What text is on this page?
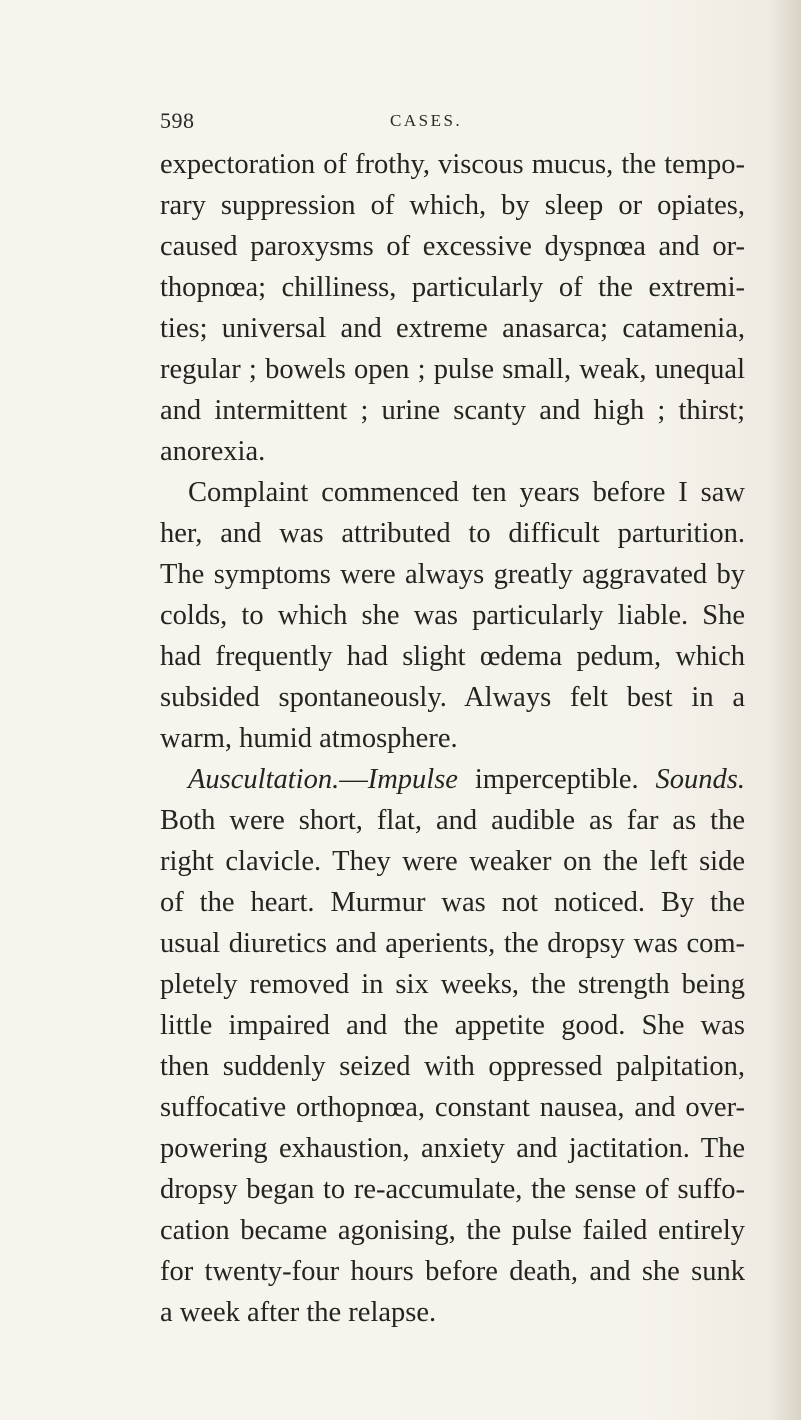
598	CASES.
expectoration of frothy, viscous mucus, the tempo-
rary suppression of which, by sleep or opiates,
caused paroxysms of excessive dyspnœa and or-
thopnœa; chilliness, particularly of the extremi-
ties; universal and extreme anasarca; catamenia,
regular ; bowels open ; pulse small, weak, unequal
and intermittent ; urine scanty and high ; thirst;
anorexia.
Complaint commenced ten years before I saw
her, and was attributed to difficult parturition.
The symptoms were always greatly aggravated by
colds, to which she was particularly liable. She
had frequently had slight œdema pedum, which
subsided spontaneously. Always felt best in a
warm, humid atmosphere.
Auscultation.—Impulse imperceptible. Sounds.
Both were short, flat, and audible as far as the
right clavicle. They were weaker on the left side
of the heart. Murmur was not noticed. By the
usual diuretics and aperients, the dropsy was com-
pletely removed in six weeks, the strength being
little impaired and the appetite good. She was
then suddenly seized with oppressed palpitation,
suffocative orthopnœa, constant nausea, and over-
powering exhaustion, anxiety and jactitation. The
dropsy began to re-accumulate, the sense of suffo-
cation became agonising, the pulse failed entirely
for twenty-four hours before death, and she sunk
a week after the relapse.
